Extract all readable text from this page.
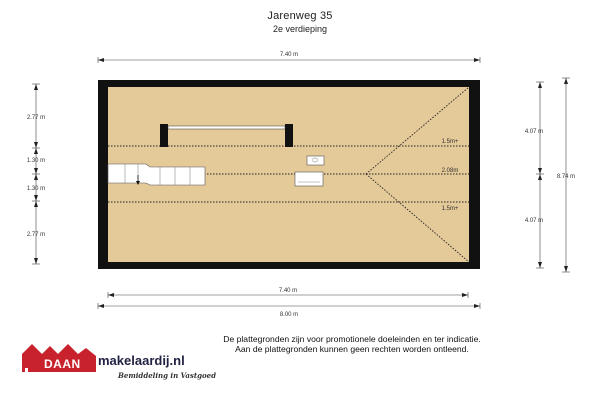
Jarenweg 35
2e verdieping
7.40 m
2.77 m
1.30 m
1.30 m
2.77 m
4.07 m
4.07 m
8.74 m
7.40 m
8.00 m
1.5m+
2.08m
1.5m+
De plattegronden zijn voor promotionele doeleinden en ter indicatie.
Aan de plattegronden kunnen geen rechten worden ontleend.
DAAN makelaardij.nl
Bemiddeling in Vastgoed
